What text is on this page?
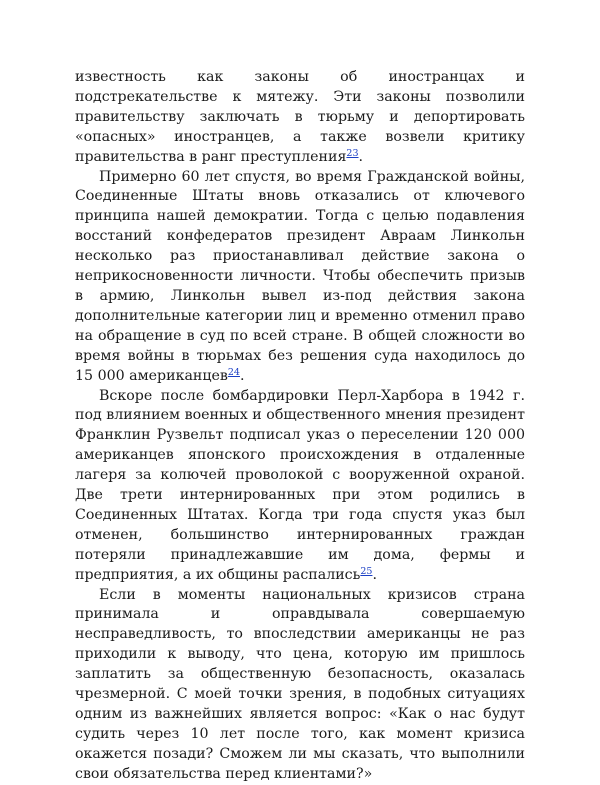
известность как законы об иностранцах и подстрекательстве к мятежу. Эти законы позволили правительству заключать в тюрьму и депортировать «опасных» иностранцев, а также возвели критику правительства в ранг преступления$^{23}$.

Примерно 60 лет спустя, во время Гражданской войны, Соединенные Штаты вновь отказались от ключевого принципа нашей демократии. Тогда с целью подавления восстаний конфедератов президент Авраам Линкольн несколько раз приостанавливал действие закона о неприкосновенности личности. Чтобы обеспечить призыв в армию, Линкольн вывел из-под действия закона дополнительные категории лиц и временно отменил право на обращение в суд по всей стране. В общей сложности во время войны в тюрьмах без решения суда находилось до 15 000 американцев$^{24}$.

Вскоре после бомбардировки Перл-Харбора в 1942 г. под влиянием военных и общественного мнения президент Франклин Рузвельт подписал указ о переселении 120 000 американцев японского происхождения в отдаленные лагеря за колючей проволокой с вооруженной охраной. Две трети интернированных при этом родились в Соединенных Штатах. Когда три года спустя указ был отменен, большинство интернированных граждан потеряли принадлежавшие им дома, фермы и предприятия, а их общины распались$^{25}$.

Если в моменты национальных кризисов страна принимала и оправдывала совершаемую несправедливость, то впоследствии американцы не раз приходили к выводу, что цена, которую им пришлось заплатить за общественную безопасность, оказалась чрезмерной. С моей точки зрения, в подобных ситуациях одним из важнейших является вопрос: «Как о нас будут судить через 10 лет после того, как момент кризиса окажется позади? Сможем ли мы сказать, что выполнили свои обязательства перед клиентами?»
